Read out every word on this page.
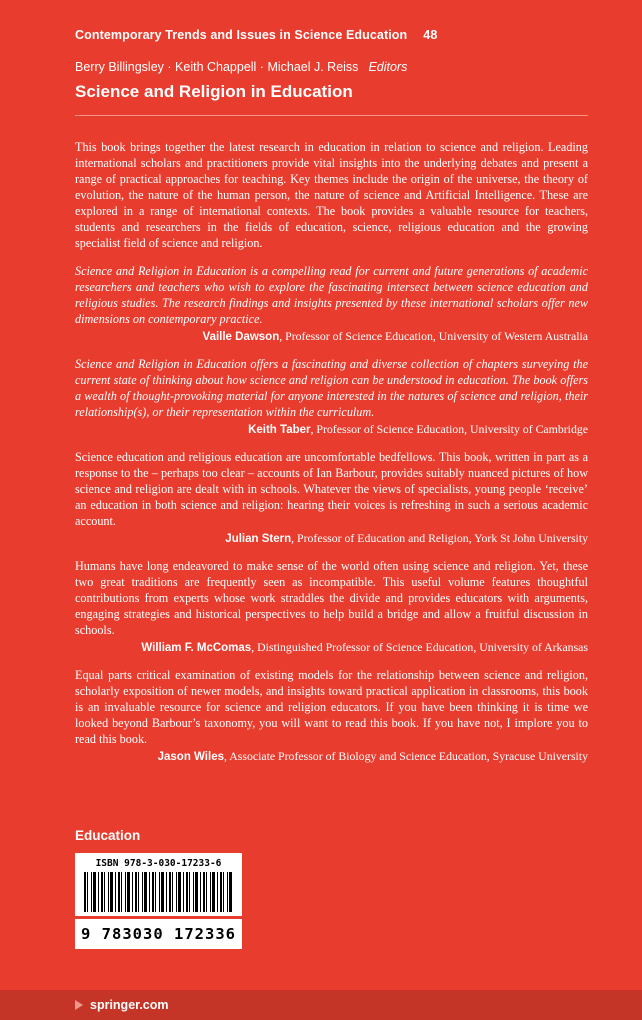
Contemporary Trends and Issues in Science Education 48
Berry Billingsley · Keith Chappell · Michael J. Reiss Editors
Science and Religion in Education

This book brings together the latest research in education in relation to science and religion. Leading international scholars and practitioners provide vital insights into the underlying debates and present a range of practical approaches for teaching. Key themes include the origin of the universe, the theory of evolution, the nature of the human person, the nature of science and Artificial Intelligence. These are explored in a range of international contexts. The book provides a valuable resource for teachers, students and researchers in the fields of education, science, religious education and the growing specialist field of science and religion.

Science and Religion in Education is a compelling read for current and future generations of academic researchers and teachers who wish to explore the fascinating intersect between science education and religious studies. The research findings and insights presented by these international scholars offer new dimensions on contemporary practice.

Vaille Dawson, Professor of Science Education, University of Western Australia

Science and Religion in Education offers a fascinating and diverse collection of chapters surveying the current state of thinking about how science and religion can be understood in education. The book offers a wealth of thought-provoking material for anyone interested in the natures of science and religion, their relationship(s), or their representation within the curriculum.

Keith Taber, Professor of Science Education, University of Cambridge

Science education and religious education are uncomfortable bedfellows. This book, written in part as a response to the – perhaps too clear – accounts of Ian Barbour, provides suitably nuanced pictures of how science and religion are dealt with in schools. Whatever the views of specialists, young people ‘receive’ an education in both science and religion: hearing their voices is refreshing in such a serious academic account.

Julian Stern, Professor of Education and Religion, York St John University

Humans have long endeavored to make sense of the world often using science and religion. Yet, these two great traditions are frequently seen as incompatible. This useful volume features thoughtful contributions from experts whose work straddles the divide and provides educators with arguments, engaging strategies and historical perspectives to help build a bridge and allow a fruitful discussion in schools.

William F. McComas, Distinguished Professor of Science Education, University of Arkansas

Equal parts critical examination of existing models for the relationship between science and religion, scholarly exposition of newer models, and insights toward practical application in classrooms, this book is an invaluable resource for science and religion educators. If you have been thinking it is time we looked beyond Barbour’s taxonomy, you will want to read this book. If you have not, I implore you to read this book.

Jason Wiles, Associate Professor of Biology and Science Education, Syracuse University

Education
ISBN 978-3-030-17233-6
9 783030 172336
springer.com
